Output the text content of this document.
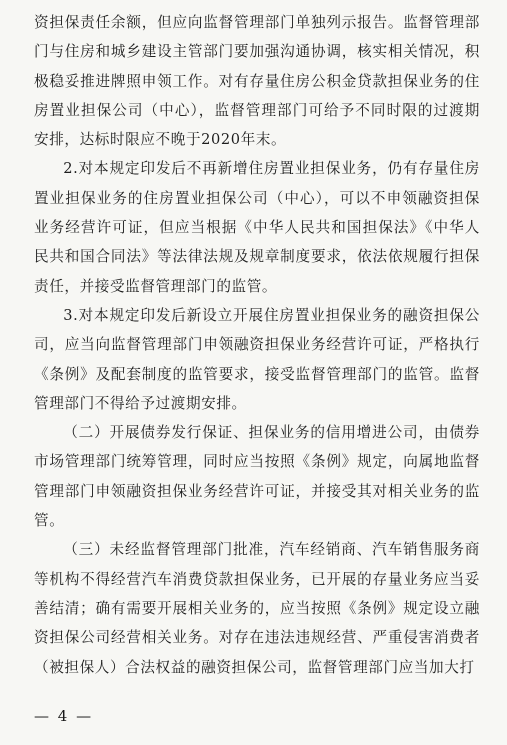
资担保责任余额，但应向监督管理部门单独列示报告。监督管理部门与住房和城乡建设主管部门要加强沟通协调，核实相关情况，积极稳妥推进牌照申领工作。对有存量住房公积金贷款担保业务的住房置业担保公司（中心），监督管理部门可给予不同时限的过渡期安排，达标时限应不晚于2020年末。

2.对本规定印发后不再新增住房置业担保业务，仍有存量住房置业担保业务的住房置业担保公司（中心），可以不申领融资担保业务经营许可证，但应当根据《中华人民共和国担保法》《中华人民共和国合同法》等法律法规及规章制度要求，依法依规履行担保责任，并接受监督管理部门的监管。

3.对本规定印发后新设立开展住房置业担保业务的融资担保公司，应当向监督管理部门申领融资担保业务经营许可证，严格执行《条例》及配套制度的监管要求，接受监督管理部门的监管。监督管理部门不得给予过渡期安排。

（二）开展债券发行保证、担保业务的信用增进公司，由债券市场管理部门统筹管理，同时应当按照《条例》规定，向属地监督管理部门申领融资担保业务经营许可证，并接受其对相关业务的监管。

（三）未经监督管理部门批准，汽车经销商、汽车销售服务商等机构不得经营汽车消费贷款担保业务，已开展的存量业务应当妥善结清；确有需要开展相关业务的，应当按照《条例》规定设立融资担保公司经营相关业务。对存在违法违规经营、严重侵害消费者（被担保人）合法权益的融资担保公司，监督管理部门应当加大打

— 4 —
